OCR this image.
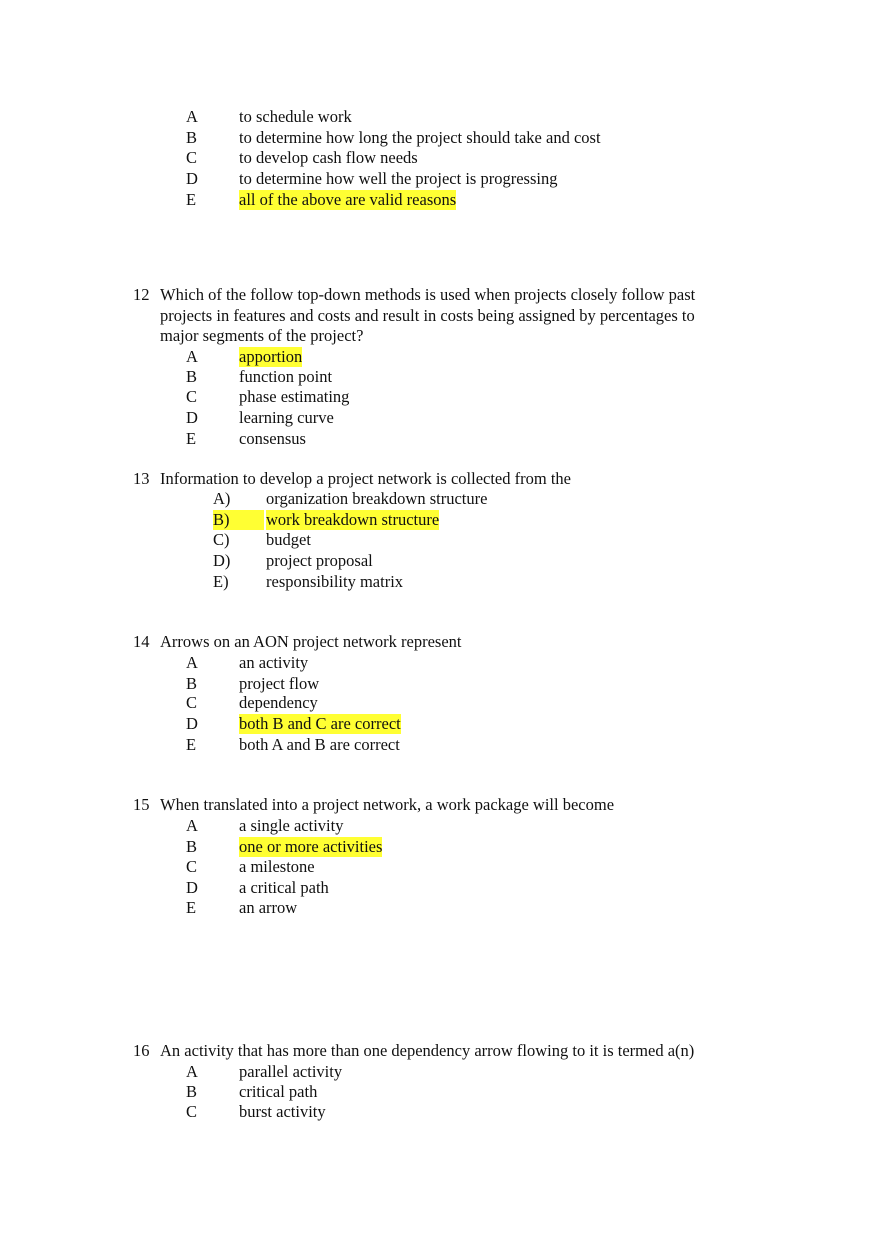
A to schedule work
B	to determine how long the project should take and cost
C	to develop cash flow needs
D to determine how well the project is progressing
E	all of the above are valid reasons
12 Which of the follow top-down methods is used when projects closely follow past
projects in features and costs and result in costs being assigned by percentages to
major segments of the project?
A apportion
B	function point
C	phase estimating
D learning curve
E	consensus
13 Information to develop a project network is collected from the
A) organization breakdown structure
B)	work breakdown structure
C) budget
D) project proposal
E) responsibility matrix
14 Arrows on an AON project network represent
A an activity
B	project flow
C	dependency
D both B and C are correct
E	both A and B are correct
15 When translated into a project network, a work package will become
A a single activity
B	one or more activities
C	a milestone
D a critical path
E	an arrow
16 An activity that has more than one dependency arrow flowing to it is termed a(n)
A parallel activity
B	critical path
C	burst activity
